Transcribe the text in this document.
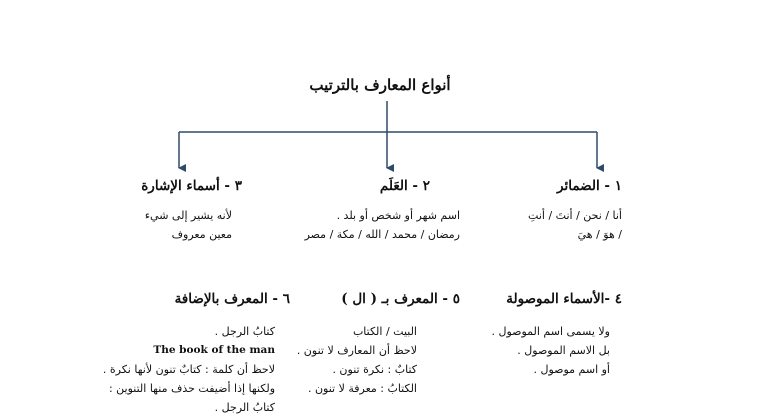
أنواع المعارف بالترتيب
١ - الضمائر
أنا / نحن / أنتَ / أنتِ
/ هوَ / هيَ
٢ - العَلَم
اسم شهر أو شخص أو بلد .
رمضان / محمد / الله / مكة / مصر
٣ - أسماء الإشارة
لأنه يشير إلى شيء
معين معروف
٤ -الأسماء الموصولة
ولا يسمى اسم الموصول .
بل الاسم الموصول .
أو اسم موصول .
٥ - المعرف بـ ( ال )
البيت / الكتاب
لاحظ أن المعارف لا تنون .
كتابٌ : نكرة تنون .
الكتابُ : معرفة لا تنون .
٦ - المعرف بالإضافة
كتابُ الرجل .
The book of the man
لاحظ أن كلمة : كتابٌ تنون لأنها نكرة .
ولكنها إذا أضيفت حذف منها التنوين :
كتابُ الرجل .
